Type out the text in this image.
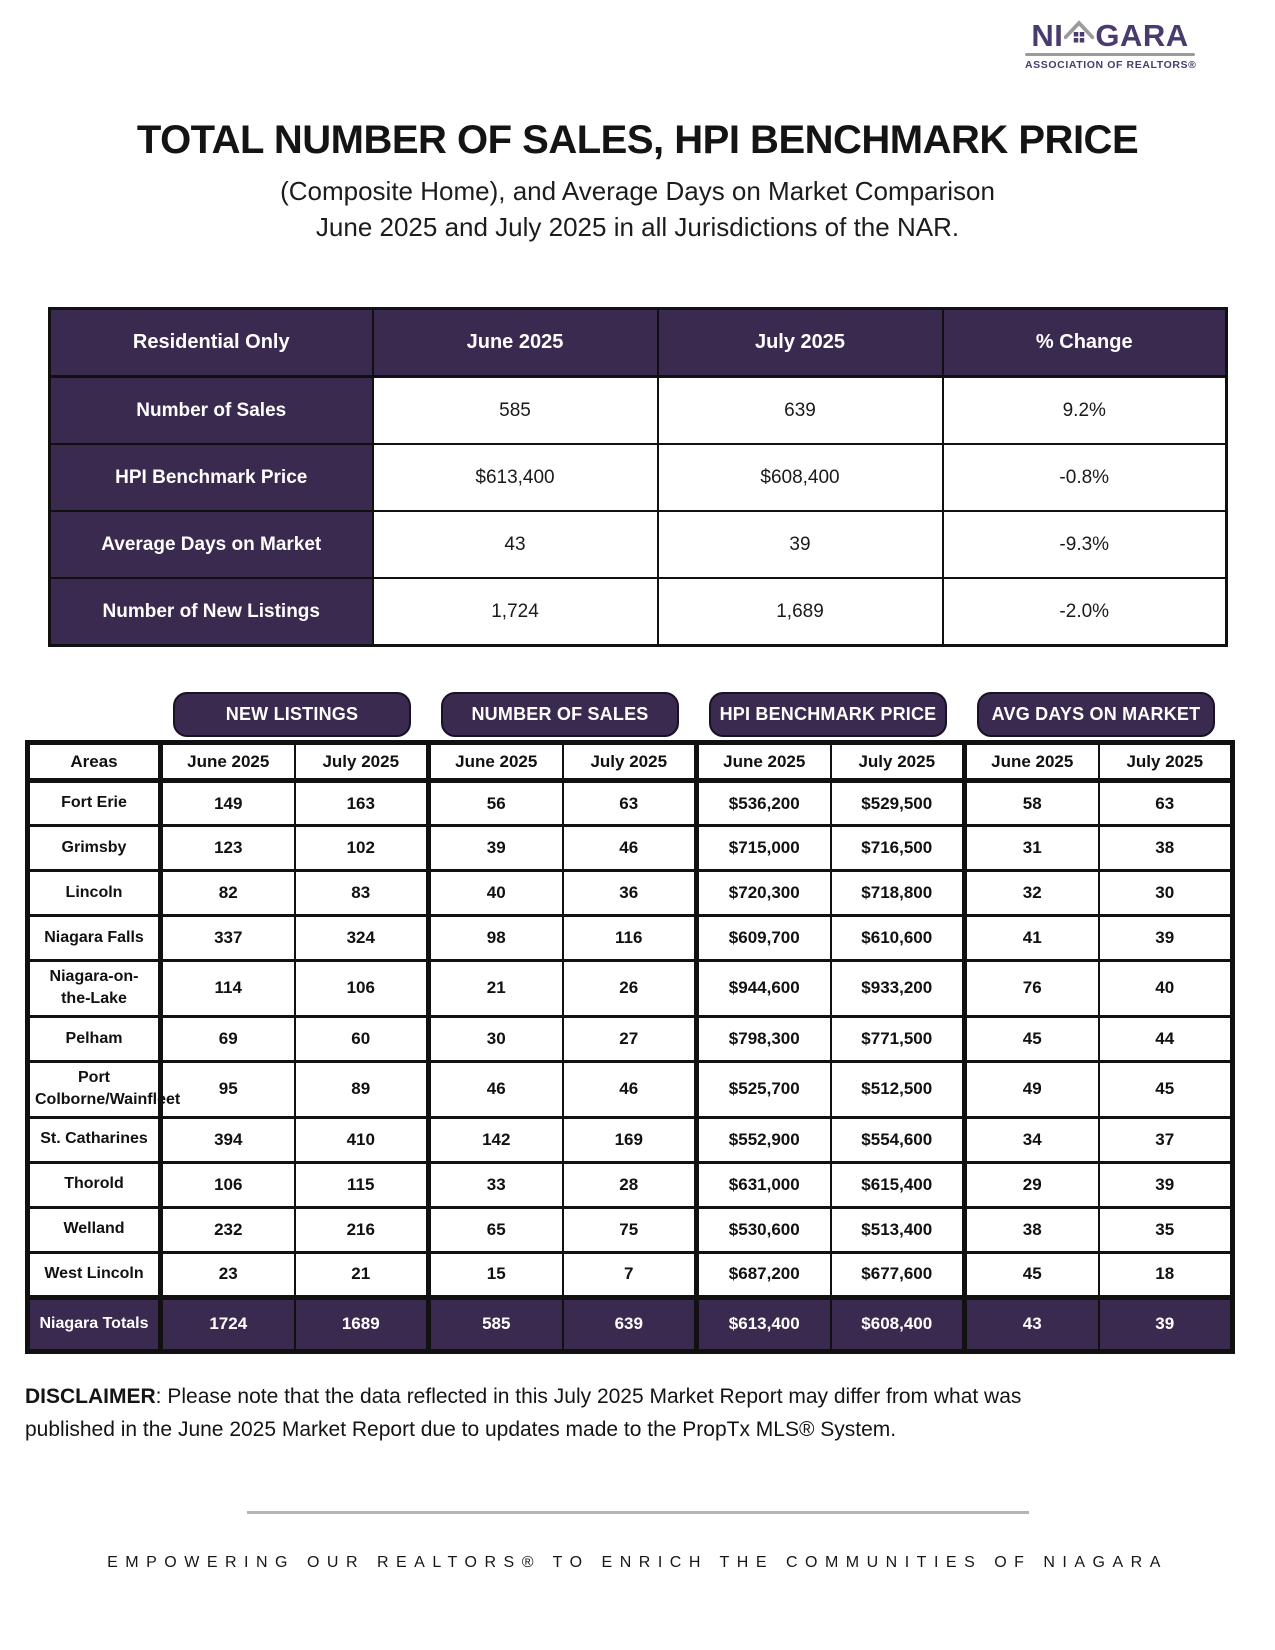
NI GARA
ASSOCIATION OF REALTORS®
TOTAL NUMBER OF SALES, HPI BENCHMARK PRICE
(Composite Home), and Average Days on Market Comparison
June 2025 and July 2025 in all Jurisdictions of the NAR.
Residential Only	June 2025	July 2025	% Change
Number of Sales	585	639	9.2%
HPI Benchmark Price	$613,400	$608,400	-0.8%
Average Days on Market	43	39	-9.3%
Number of New Listings	1,724	1,689	-2.0%
NEW LISTINGS	NUMBER OF SALES	HPI BENCHMARK PRICE	AVG DAYS ON MARKET
Areas	June 2025	July 2025	June 2025	July 2025	June 2025	July 2025	June 2025	July 2025
Fort Erie	149	163	56	63	$536,200	$529,500	58	63
Grimsby	123	102	39	46	$715,000	$716,500	31	38
Lincoln	82	83	40	36	$720,300	$718,800	32	30
Niagara Falls	337	324	98	116	$609,700	$610,600	41	39
Niagara-on-the-Lake	114	106	21	26	$944,600	$933,200	76	40
Pelham	69	60	30	27	$798,300	$771,500	45	44
Port Colborne/Wainfleet	95	89	46	46	$525,700	$512,500	49	45
St. Catharines	394	410	142	169	$552,900	$554,600	34	37
Thorold	106	115	33	28	$631,000	$615,400	29	39
Welland	232	216	65	75	$530,600	$513,400	38	35
West Lincoln	23	21	15	7	$687,200	$677,600	45	18
Niagara Totals	1724	1689	585	639	$613,400	$608,400	43	39

DISCLAIMER: Please note that the data reflected in this July 2025 Market Report may differ from what was published in the June 2025 Market Report due to updates made to the PropTx MLS® System.

EMPOWERING OUR REALTORS® TO ENRICH THE COMMUNITIES OF NIAGARA
